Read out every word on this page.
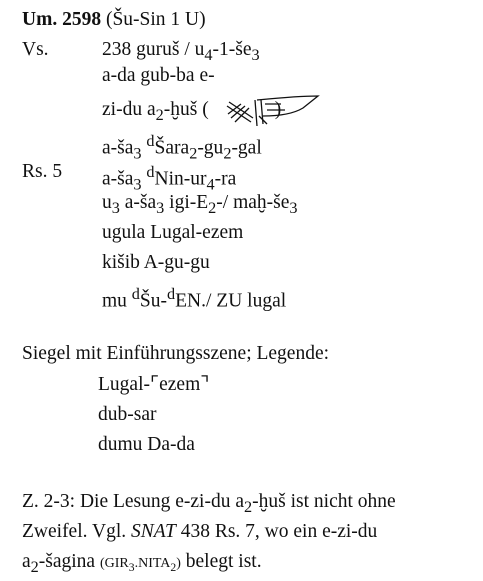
Um. 2598 (Šu-Sin 1 U)
Vs.	238 guruš / $u_4-1-še_3$
a-da gub-ba e-
zi-du $a_2$-ḫuš (	)
$a-ša_3$ $^dŠara_2-gu_2$-gal
Rs. 5 $a-ša_3$ $^dNin-ur_4-ra$
$u_3$ $a-ša_3$ igi-$E_2-/$ maḫ-$še_3$
ugula Lugal-ezem
kišib A-gu-gu
mu $^d$Šu-$^d$EN./ ZU lugal
Siegel mit Einführungsszene; Legende:
Lugal-⌜ezem⌝
dub-sar
dumu Da-da
Z. 2-3: Die Lesung e-zi-du $a_2$-ḫuš ist nicht ohne
Zweifel. Vgl. SNAT 438 Rs. 7, wo ein e-zi-du
$a_2$-šagina $(GIR_3.NITA_2)$ belegt ist.
